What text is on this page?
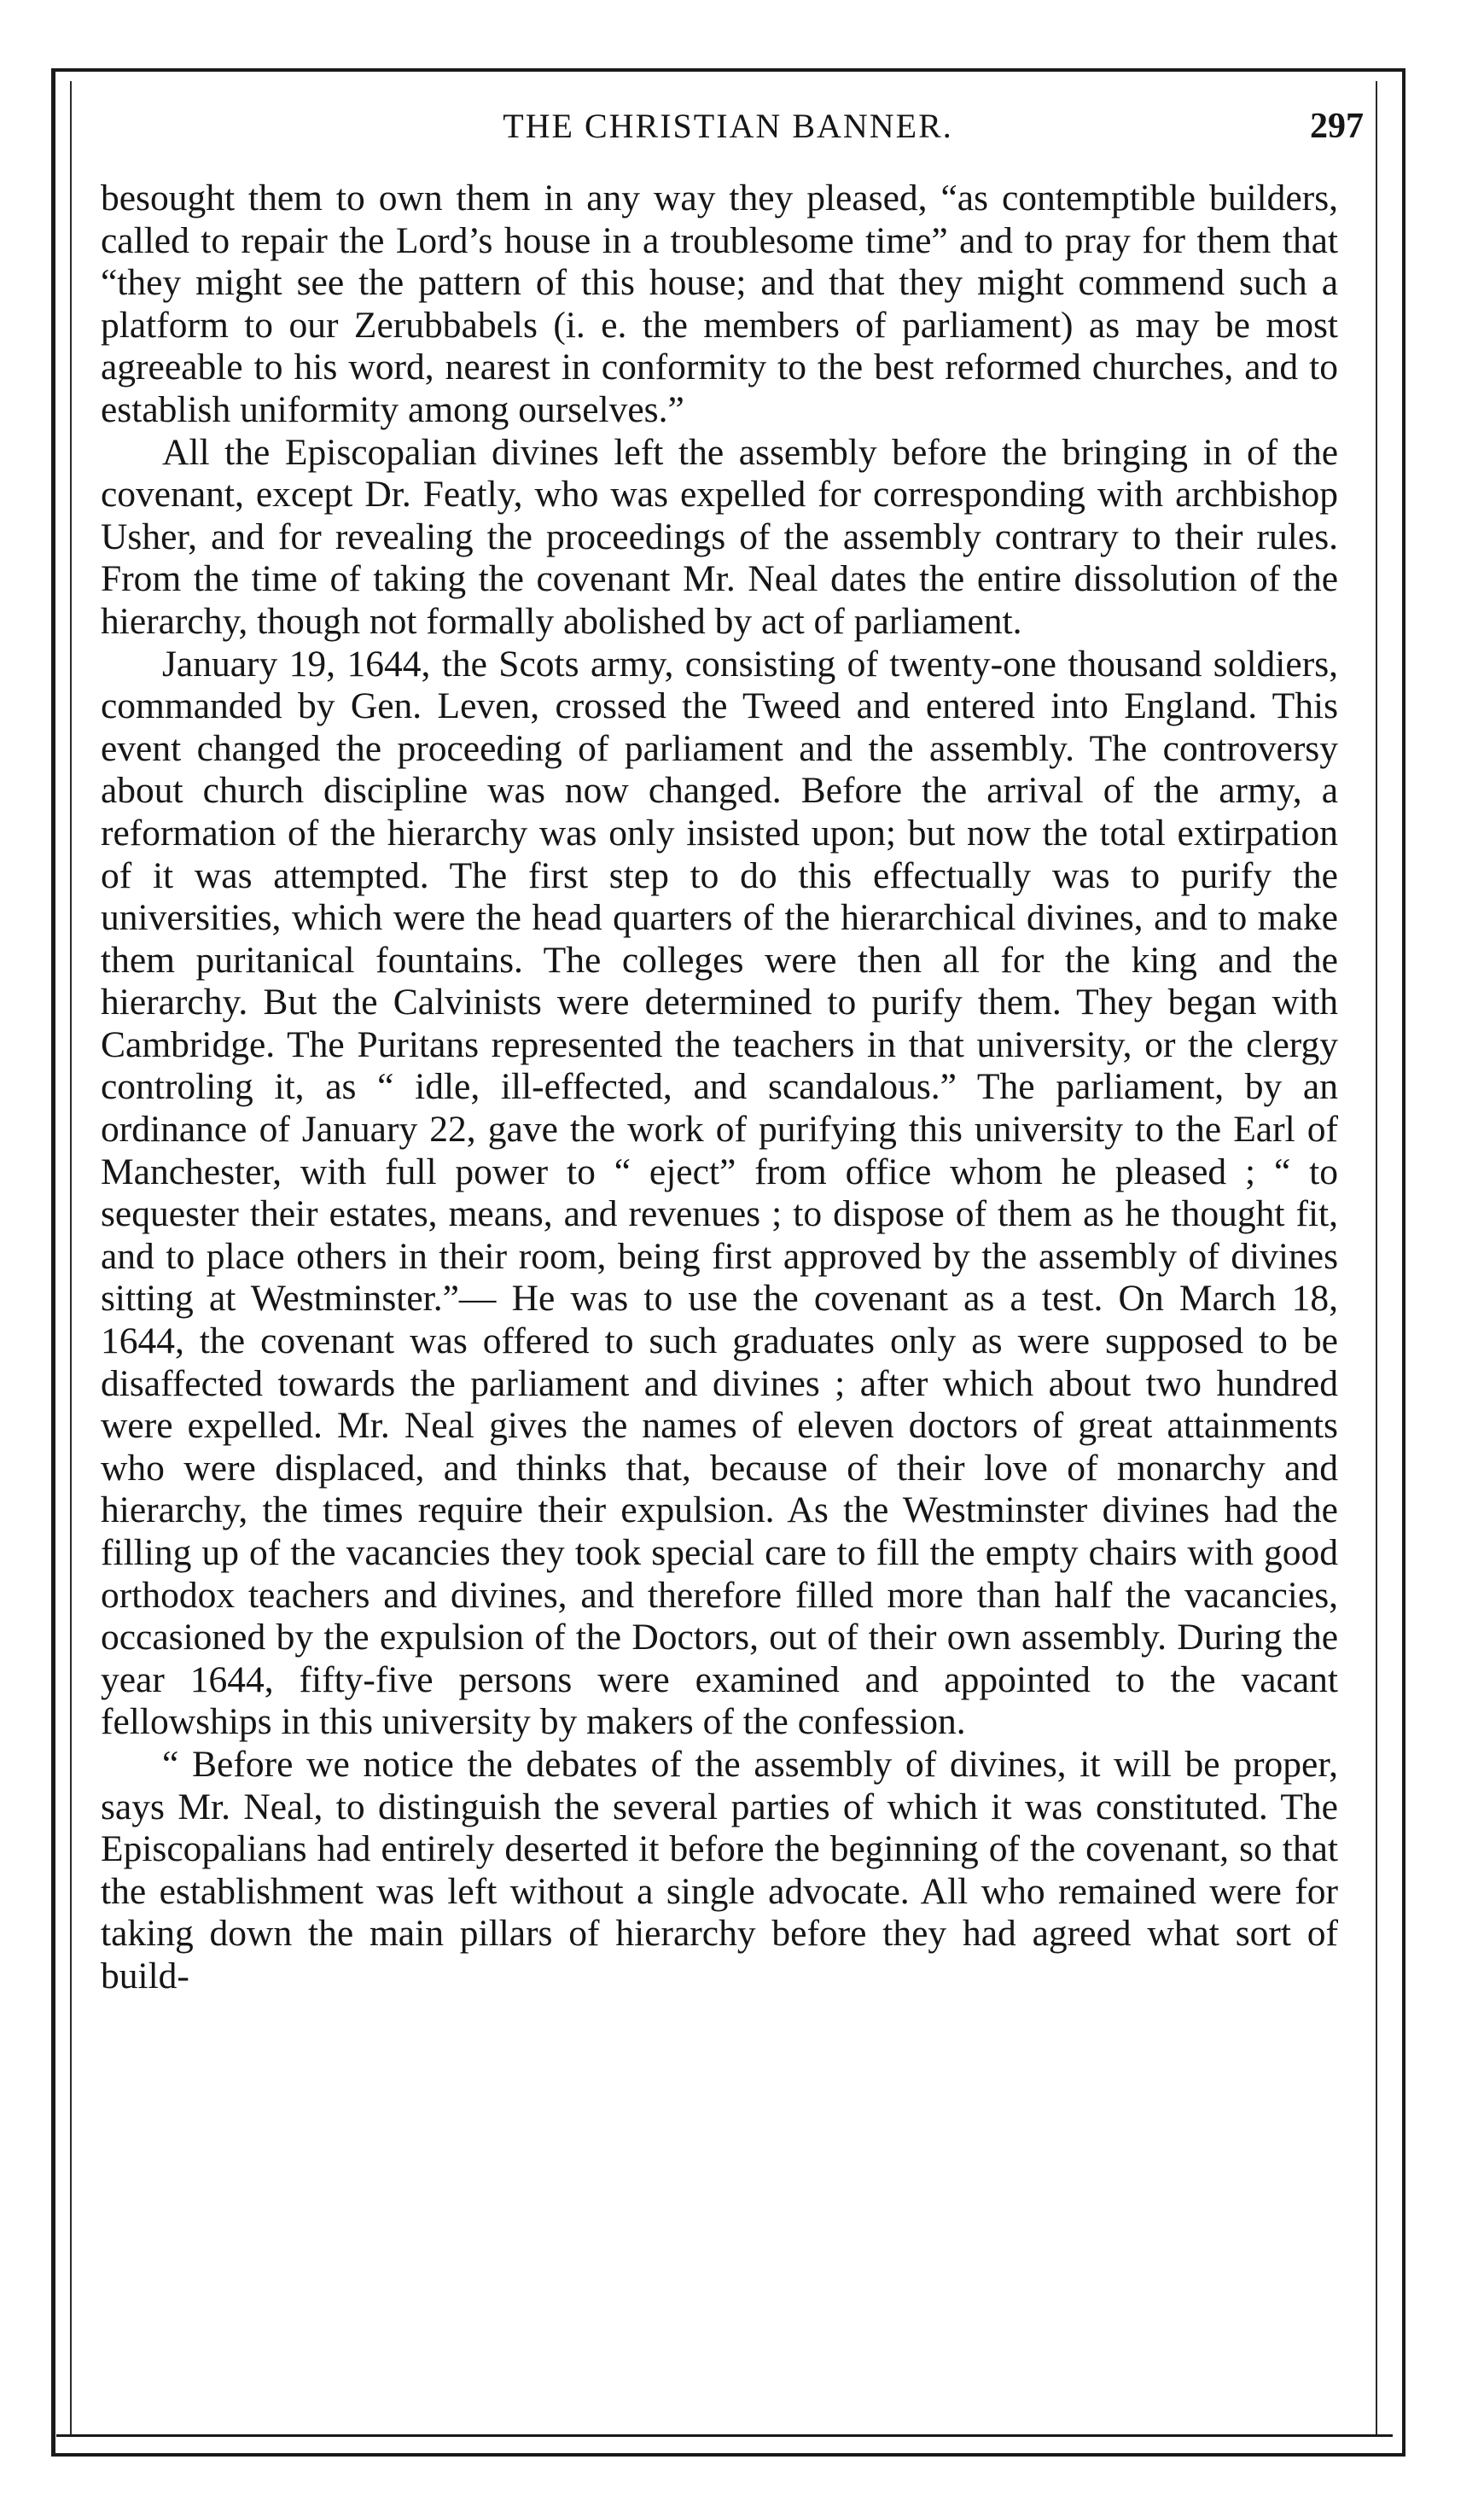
THE CHRISTIAN BANNER.	297

besought them to own them in any way they pleased, “as contemptible builders, called to repair the Lord’s house in a troublesome time” and to pray for them that “they might see the pattern of this house; and that they might commend such a platform to our Zerubbabels (i. e. the members of parliament) as may be most agreeable to his word, nearest in conformity to the best reformed churches, and to establish uniformity among ourselves.”

All the Episcopalian divines left the assembly before the bringing in of the covenant, except Dr. Featly, who was expelled for corresponding with archbishop Usher, and for revealing the proceedings of the assembly contrary to their rules. From the time of taking the covenant Mr. Neal dates the entire dissolution of the hierarchy, though not formally abolished by act of parliament.

January 19, 1644, the Scots army, consisting of twenty-one thousand soldiers, commanded by Gen. Leven, crossed the Tweed and entered into England. This event changed the proceeding of parliament and the assembly. The controversy about church discipline was now changed. Before the arrival of the army, a reformation of the hierarchy was only insisted upon; but now the total extirpation of it was attempted. The first step to do this effectually was to purify the universities, which were the head quarters of the hierarchical divines, and to make them puritanical fountains. The colleges were then all for the king and the hierarchy. But the Calvinists were determined to purify them. They began with Cambridge. The Puritans represented the teachers in that university, or the clergy controling it, as “ idle, ill-effected, and scandalous.” The parliament, by an ordinance of January 22, gave the work of purifying this university to the Earl of Manchester, with full power to “ eject” from office whom he pleased ; “ to sequester their estates, means, and revenues ; to dispose of them as he thought fit, and to place others in their room, being first approved by the assembly of divines sitting at Westminster.”— He was to use the covenant as a test. On March 18, 1644, the covenant was offered to such graduates only as were supposed to be disaffected towards the parliament and divines ; after which about two hundred were expelled. Mr. Neal gives the names of eleven doctors of great attainments who were displaced, and thinks that, because of their love of monarchy and hierarchy, the times require their expulsion. As the Westminster divines had the filling up of the vacancies they took special care to fill the empty chairs with good orthodox teachers and divines, and therefore filled more than half the vacancies, occasioned by the expulsion of the Doctors, out of their own assembly. During the year 1644, fifty-five persons were examined and appointed to the vacant fellowships in this university by makers of the confession.

“ Before we notice the debates of the assembly of divines, it will be proper, says Mr. Neal, to distinguish the several parties of which it was constituted. The Episcopalians had entirely deserted it before the beginning of the covenant, so that the establishment was left without a single advocate. All who remained were for taking down the main pillars of hierarchy before they had agreed what sort of build-
